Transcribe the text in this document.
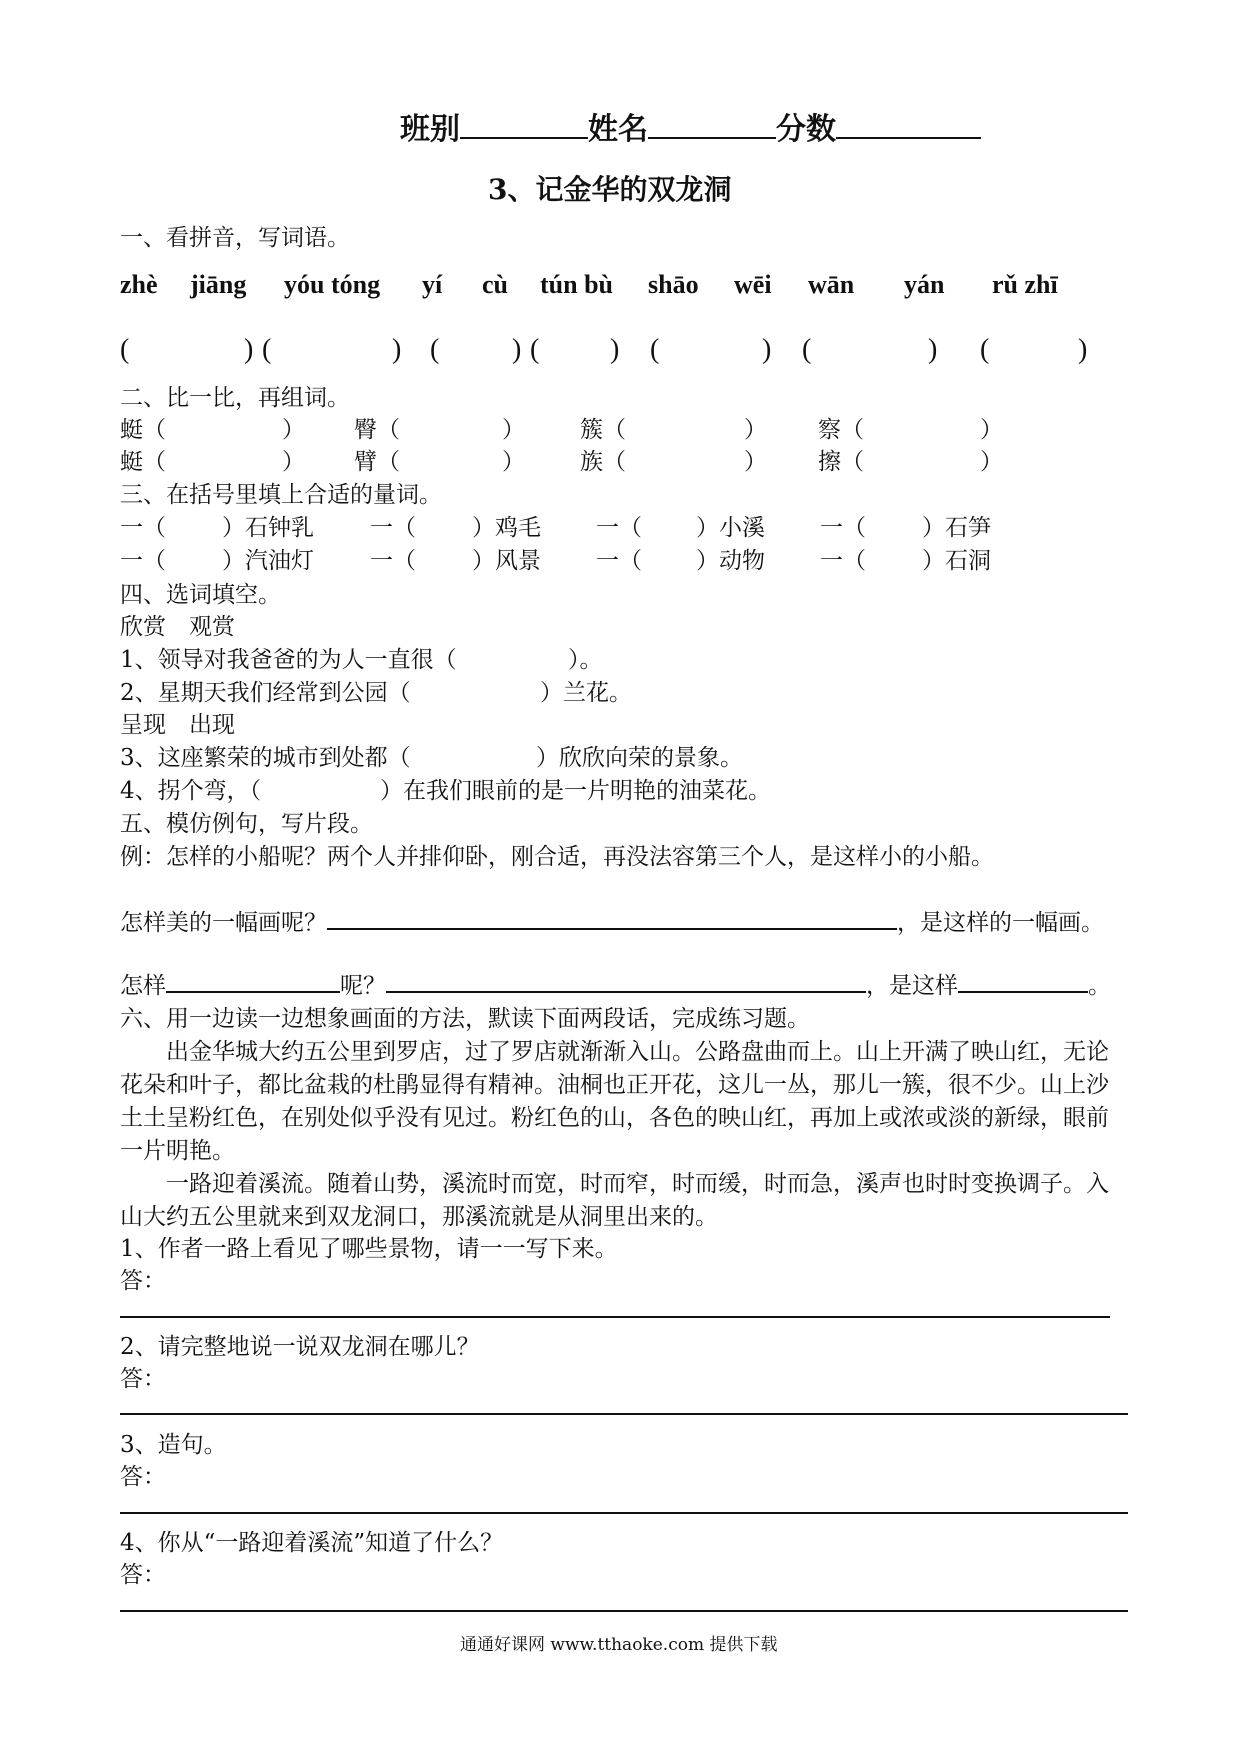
班别	姓名	分数
3、记金华的双龙洞
一、看拼音，写词语。
zhè jiāng yóu tóng yí cù tún bù shāo wēi wān yán rǔ zhī
(	) (	) (	) (	) (	) (	) (	)
二、比一比，再组词。
蜓（	） 臀（	） 簇（	） 察（	）
蜓（	） 臂（	） 族（	） 擦（	）
三、在括号里填上合适的量词。
一（ ）石钟乳 一（ ）鸡毛 一（ ）小溪 一（ ）石笋
一（ ）汽油灯 一（ ）风景 一（ ）动物 一（ ）石洞
四、选词填空。
欣赏　观赏
1、领导对我爸爸的为人一直很（	）。
2、星期天我们经常到公园（	）兰花。
呈现　出现
3、这座繁荣的城市到处都（	）欣欣向荣的景象。
4、拐个弯，（	）在我们眼前的是一片明艳的油菜花。
五、模仿例句，写片段。
例：怎样的小船呢？两个人并排仰卧，刚合适，再没法容第三个人，是这样小的小船。
怎样美的一幅画呢？	，是这样的一幅画。
怎样	呢？	，是这样	。
六、用一边读一边想象画面的方法，默读下面两段话，完成练习题。
出金华城大约五公里到罗店，过了罗店就渐渐入山。公路盘曲而上。山上开满了映山红，无论花朵和叶子，都比盆栽的杜鹃显得有精神。油桐也正开花，这儿一丛，那儿一簇，很不少。山上沙土土呈粉红色，在别处似乎没有见过。粉红色的山，各色的映山红，再加上或浓或淡的新绿，眼前一片明艳。
一路迎着溪流。随着山势，溪流时而宽，时而窄，时而缓，时而急，溪声也时时变换调子。入山大约五公里就来到双龙洞口，那溪流就是从洞里出来的。
1、作者一路上看见了哪些景物，请一一写下来。
答：
2、请完整地说一说双龙洞在哪儿？
答：
3、造句。
答：
4、你从“一路迎着溪流”知道了什么？
答：
通通好课网 www.tthaoke.com 提供下载
